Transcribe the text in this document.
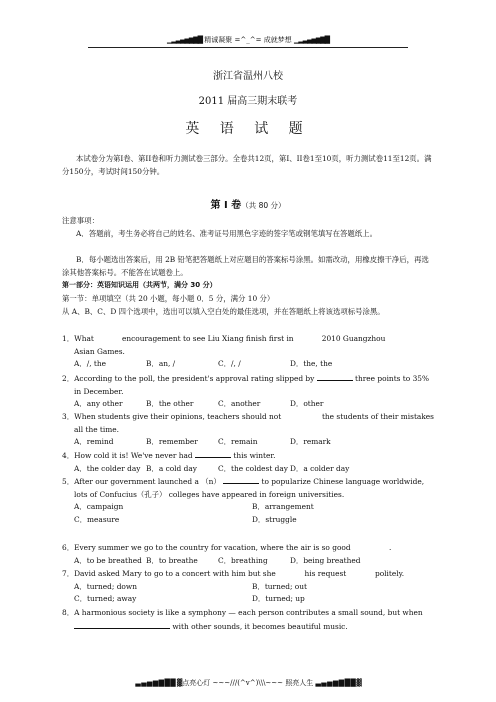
▁▂▃▄▅▆▇█ 精诚凝聚 =^_^= 成就梦想 ▁▂▃▄▅▆▇█
浙江省温州八校
2011 届高三期末联考
英 语 试 题
本试卷分为第I卷、第II卷和听力测试卷三部分。全卷共12页，第I、II卷1至10页，听力测试卷11至12页。满分150分，考试时间150分钟。
第 I 卷（共 80 分）
注意事项：
A．答题前，考生务必将自己的姓名、准考证号用黑色字迹的签字笔或钢笔填写在答题纸上。
B．每小题选出答案后，用 2B 铅笔把答题纸上对应题目的答案标号涂黑。如需改动，用橡皮擦干净后，再选涂其他答案标号。不能答在试题卷上。
第一部分：英语知识运用（共两节，满分 30 分）
第一节：单项填空（共 20 小题，每小题 0．5 分，满分 10 分）
从 A、B、C、D 四个选项中，选出可以填入空白处的最佳选项，并在答题纸上将该选项标号涂黑。
1．What            encouragement to see Liu Xiang finish first in            2010 Guangzhou
Asian Games.
A．/, the	B．an, /	C．/, /	D．the, the
2．According to the poll, the president's approval rating slipped by	three points to 35%
in December.
A．any other	B．the other	C．another	D．other
3．When students give their opinions, teachers should not	the students of their mistakes
all the time.
A．remind	B．remember	C．remain	D．remark
4．How cold it is! We've never had	this winter.
A．the colder day B．a cold day	C．the coldest day D．a colder day
5．After our government launched a （n）	to popularize Chinese language worldwide,
lots of Confucius（孔子） colleges have appeared in foreign universities.
A．campaign	B．arrangement
C．measure	D．struggle
6．Every summer we go to the country for vacation, where the air is so good	.
A．to be breathed B．to breathe	C．breathing	D．being breathed
7．David asked Mary to go to a concert with him but she	his request	politely.
A．turned; down	B．turned; out
C．turned; away	D．turned; up
8．A harmonious society is like a symphony — each person contributes a small sound, but when
with other sounds, it becomes beautiful music.
▃ ▄ ▅ ▆ ▇ █ █ ▓点亮心灯 ~~~///(^v^)\\\~~~ 照亮人生 ▃ ▄ ▅ ▆ ▇ █ █ ▓
